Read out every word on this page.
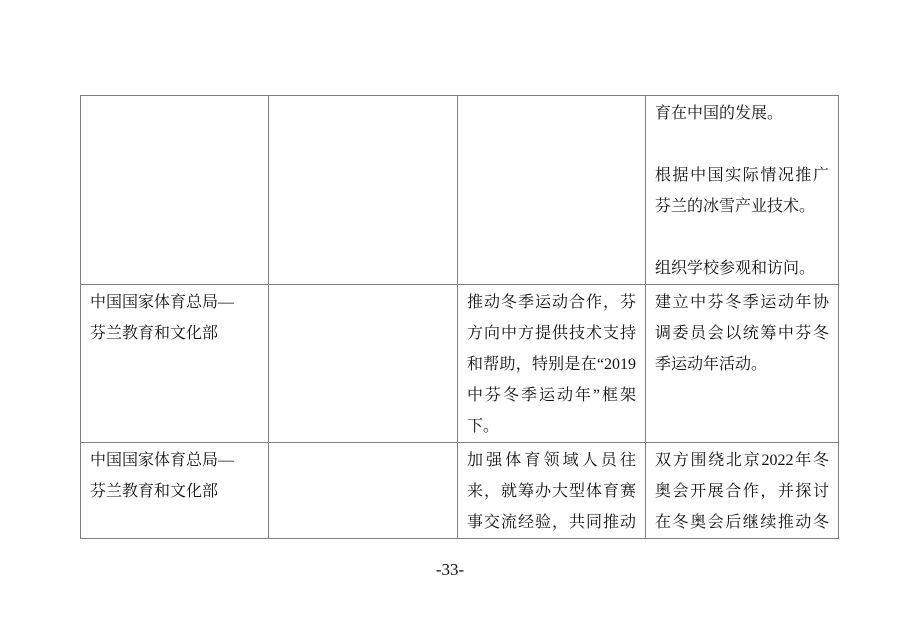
			育在中国的发展。

根据中国实际情况推广芬兰的冰雪产业技术。

组织学校参观和访问。

中国国家体育总局—

芬兰教育和文化部		推动冬季运动合作，芬方向中方提供技术支持和帮助，特别是在“2019中芬冬季运动年”框架下。	建立中芬冬季运动年协调委员会以统筹中芬冬季运动年活动。

中国国家体育总局—

芬兰教育和文化部		加强体育领域人员往来，就筹办大型体育赛事交流经验，共同推动	双方围绕北京2022年冬奥会开展合作，并探讨在冬奥会后继续推动冬

-33-
